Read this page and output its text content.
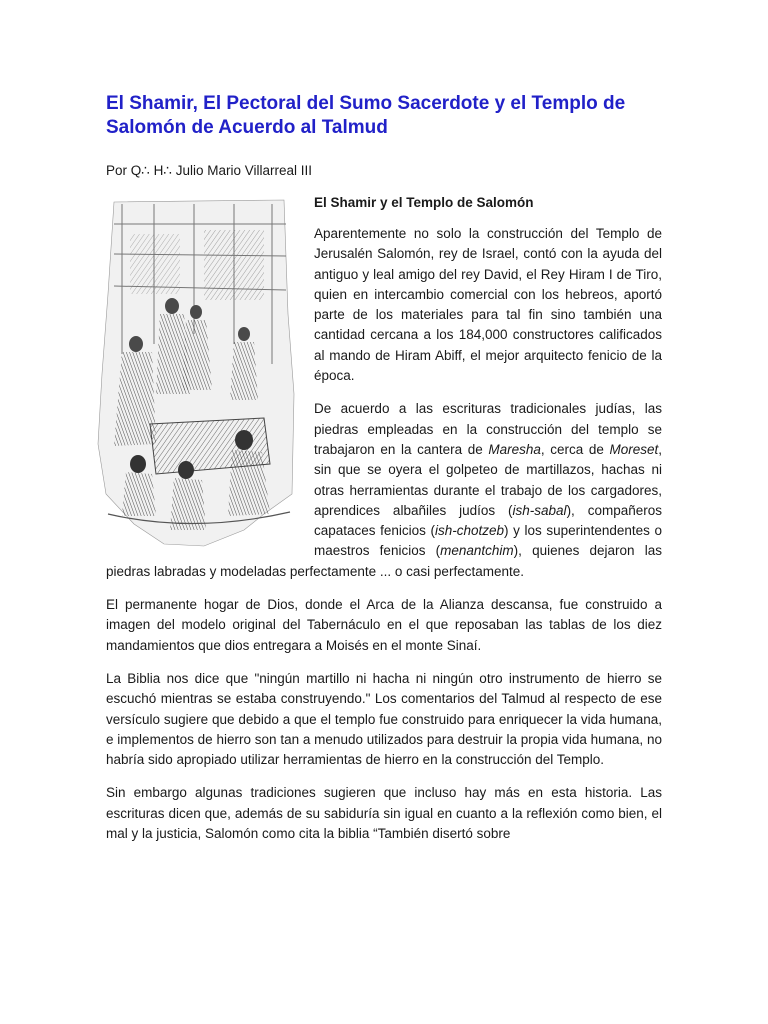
El Shamir, El Pectoral del Sumo Sacerdote y el Templo de Salomón de Acuerdo al Talmud
Por Q∴ H∴ Julio Mario Villarreal III
El Shamir y el Templo de Salomón

Aparentemente no solo la construcción del Templo de Jerusalén Salomón, rey de Israel, contó con la ayuda del antiguo y leal amigo del rey David, el Rey Hiram I de Tiro, quien en intercambio comercial con los hebreos, aportó parte de los materiales para tal fin sino también una cantidad cercana a los 184,000 constructores calificados al mando de Hiram Abiff, el mejor arquitecto fenicio de la época.

De acuerdo a las escrituras tradicionales judías, las piedras empleadas en la construcción del templo se trabajaron en la cantera de Maresha, cerca de Moreset, sin que se oyera el golpeteo de martillazos, hachas ni otras herramientas durante el trabajo de los cargadores, aprendices albañiles judíos (ish-sabal), compañeros capataces fenicios (ish-chotzeb) y los superintendentes o maestros fenicios (menantchim), quienes dejaron las piedras labradas y modeladas perfectamente ... o casi perfectamente.

El permanente hogar de Dios, donde el Arca de la Alianza descansa, fue construido a imagen del modelo original del Tabernáculo en el que reposaban las tablas de los diez mandamientos que dios entregara a Moisés en el monte Sinaí.

La Biblia nos dice que "ningún martillo ni hacha ni ningún otro instrumento de hierro se escuchó mientras se estaba construyendo." Los comentarios del Talmud al respecto de ese versículo sugiere que debido a que el templo fue construido para enriquecer la vida humana, e implementos de hierro son tan a menudo utilizados para destruir la propia vida humana, no habría sido apropiado utilizar herramientas de hierro en la construcción del Templo.

Sin embargo algunas tradiciones sugieren que incluso hay más en esta historia. Las escrituras dicen que, además de su sabiduría sin igual en cuanto a la reflexión como bien, el mal y la justicia, Salomón como cita la biblia “También disertó sobre
